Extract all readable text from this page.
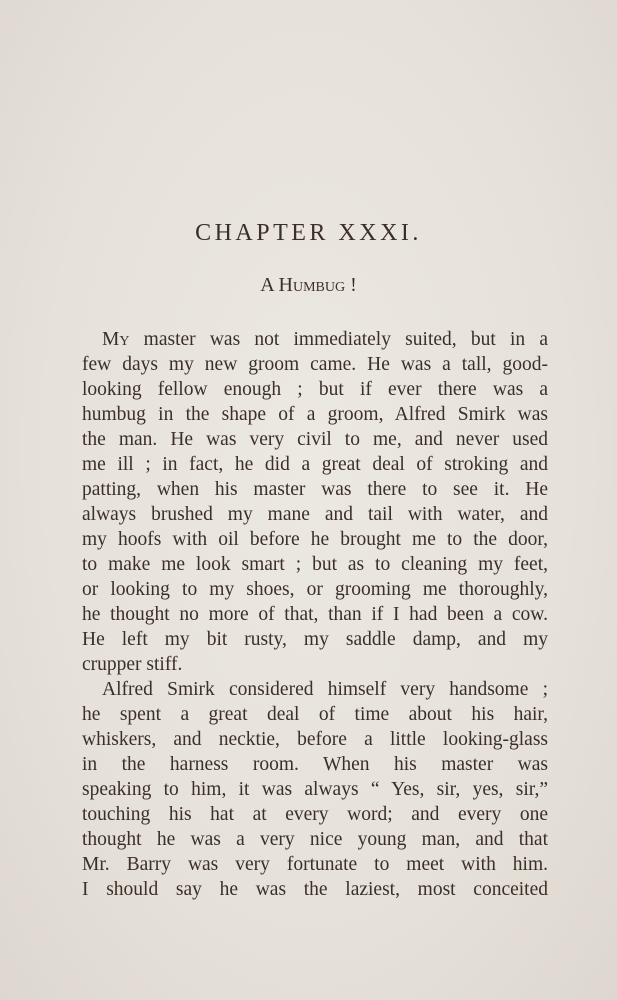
CHAPTER XXXI.
A Humbug !
My master was not immediately suited, but in a
few days my new groom came. He was a tall, good-
looking fellow enough ; but if ever there was a
humbug in the shape of a groom, Alfred Smirk was
the man. He was very civil to me, and never used
me ill ; in fact, he did a great deal of stroking and
patting, when his master was there to see it. He
always brushed my mane and tail with water, and
my hoofs with oil before he brought me to the door,
to make me look smart ; but as to cleaning my feet,
or looking to my shoes, or grooming me thoroughly,
he thought no more of that, than if I had been a cow.
He left my bit rusty, my saddle damp, and my
crupper stiff.
Alfred Smirk considered himself very handsome ;
he spent a great deal of time about his hair,
whiskers, and necktie, before a little looking-glass
in the harness room. When his master was
speaking to him, it was always “ Yes, sir, yes, sir,”
touching his hat at every word; and every one
thought he was a very nice young man, and that
Mr. Barry was very fortunate to meet with him.
I should say he was the laziest, most conceited
